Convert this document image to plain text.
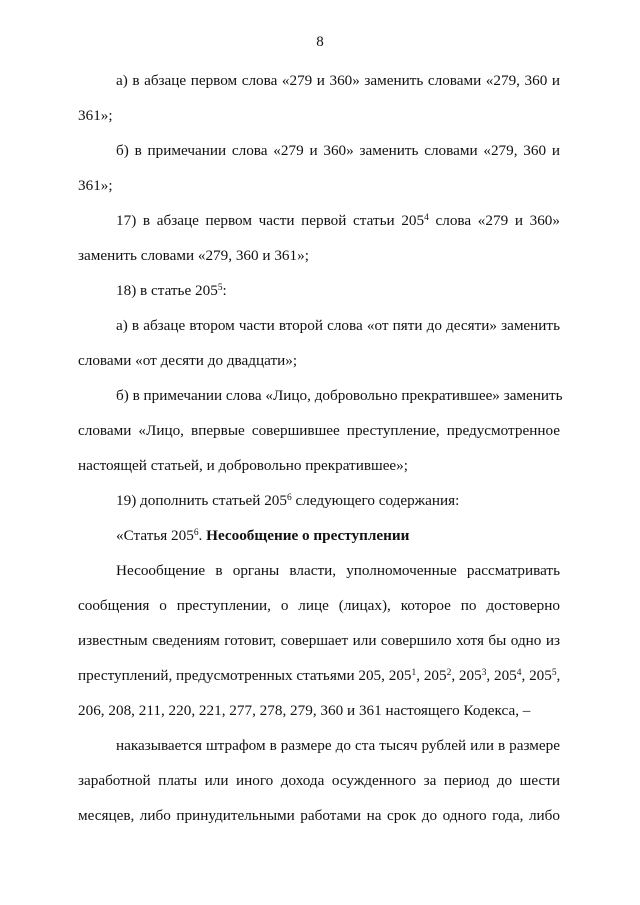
8
а) в абзаце первом слова «279 и 360» заменить словами «279, 360 и
361»;
б) в примечании слова «279 и 360» заменить словами «279, 360 и
361»;
17) в абзаце первом части первой статьи $205^4$ слова «279 и 360»
заменить словами «279, 360 и 361»;
18) в статье $205^5$:
а) в абзаце втором части второй слова «от пяти до десяти» заменить
словами «от десяти до двадцати»;
б) в примечании слова «Лицо, добровольно прекратившее» заменить
словами «Лицо, впервые совершившее преступление, предусмотренное
настоящей статьей, и добровольно прекратившее»;
19) дополнить статьей $205^6$ следующего содержания:
«Статья $205^6$. Несообщение о преступлении
Несообщение в органы власти, уполномоченные рассматривать
сообщения о преступлении, о лице (лицах), которое по достоверно
известным сведениям готовит, совершает или совершило хотя бы одно из
преступлений, предусмотренных статьями 205, $205^1$, $205^2$, $205^3$, $205^4$, $205^5$,
206, 208, 211, 220, 221, 277, 278, 279, 360 и 361 настоящего Кодекса, –
наказывается штрафом в размере до ста тысяч рублей или в размере
заработной платы или иного дохода осужденного за период до шести
месяцев, либо принудительными работами на срок до одного года, либо
